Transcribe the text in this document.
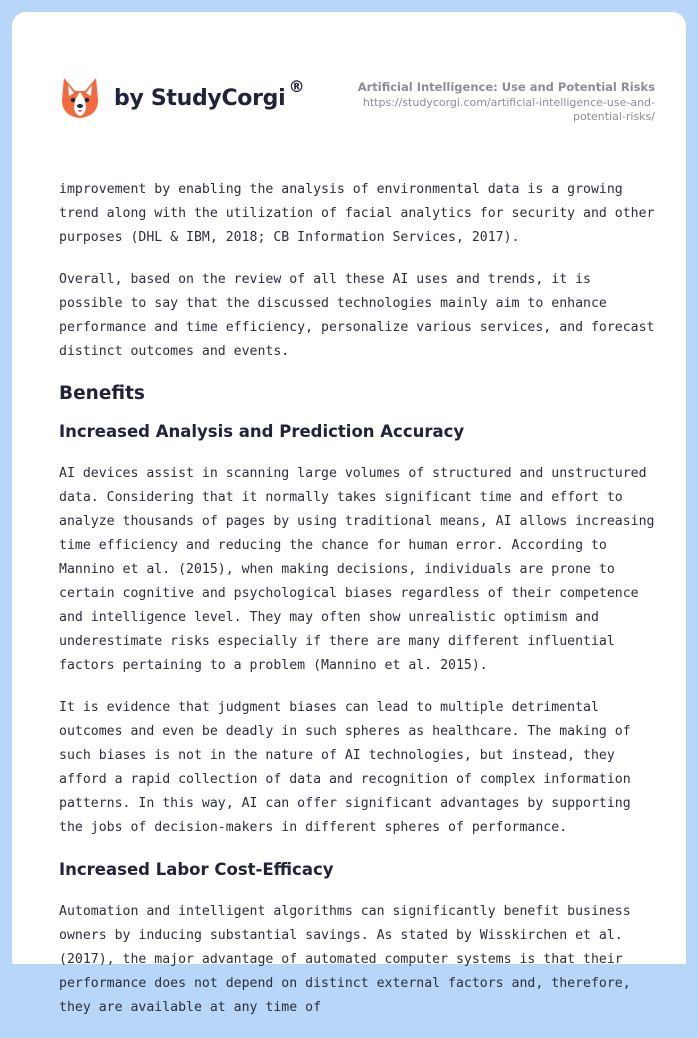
by StudyCorgi ®	Artificial Intelligence: Use and Potential Risks
https://studycorgi.com/artificial-intelligence-use-and-potential-risks/

improvement by enabling the analysis of environmental data is a growing trend along with the utilization of facial analytics for security and other purposes (DHL & IBM, 2018; CB Information Services, 2017).

Overall, based on the review of all these AI uses and trends, it is possible to say that the discussed technologies mainly aim to enhance performance and time efficiency, personalize various services, and forecast distinct outcomes and events.

Benefits
Increased Analysis and Prediction Accuracy

AI devices assist in scanning large volumes of structured and unstructured data. Considering that it normally takes significant time and effort to analyze thousands of pages by using traditional means, AI allows increasing time efficiency and reducing the chance for human error. According to Mannino et al. (2015), when making decisions, individuals are prone to certain cognitive and psychological biases regardless of their competence and intelligence level. They may often show unrealistic optimism and underestimate risks especially if there are many different influential factors pertaining to a problem (Mannino et al. 2015).

It is evidence that judgment biases can lead to multiple detrimental outcomes and even be deadly in such spheres as healthcare. The making of such biases is not in the nature of AI technologies, but instead, they afford a rapid collection of data and recognition of complex information patterns. In this way, AI can offer significant advantages by supporting the jobs of decision-makers in different spheres of performance.

Increased Labor Cost-Efficacy

Automation and intelligent algorithms can significantly benefit business owners by inducing substantial savings. As stated by Wisskirchen et al. (2017), the major advantage of automated computer systems is that their performance does not depend on distinct external factors and, therefore, they are available at any time of
